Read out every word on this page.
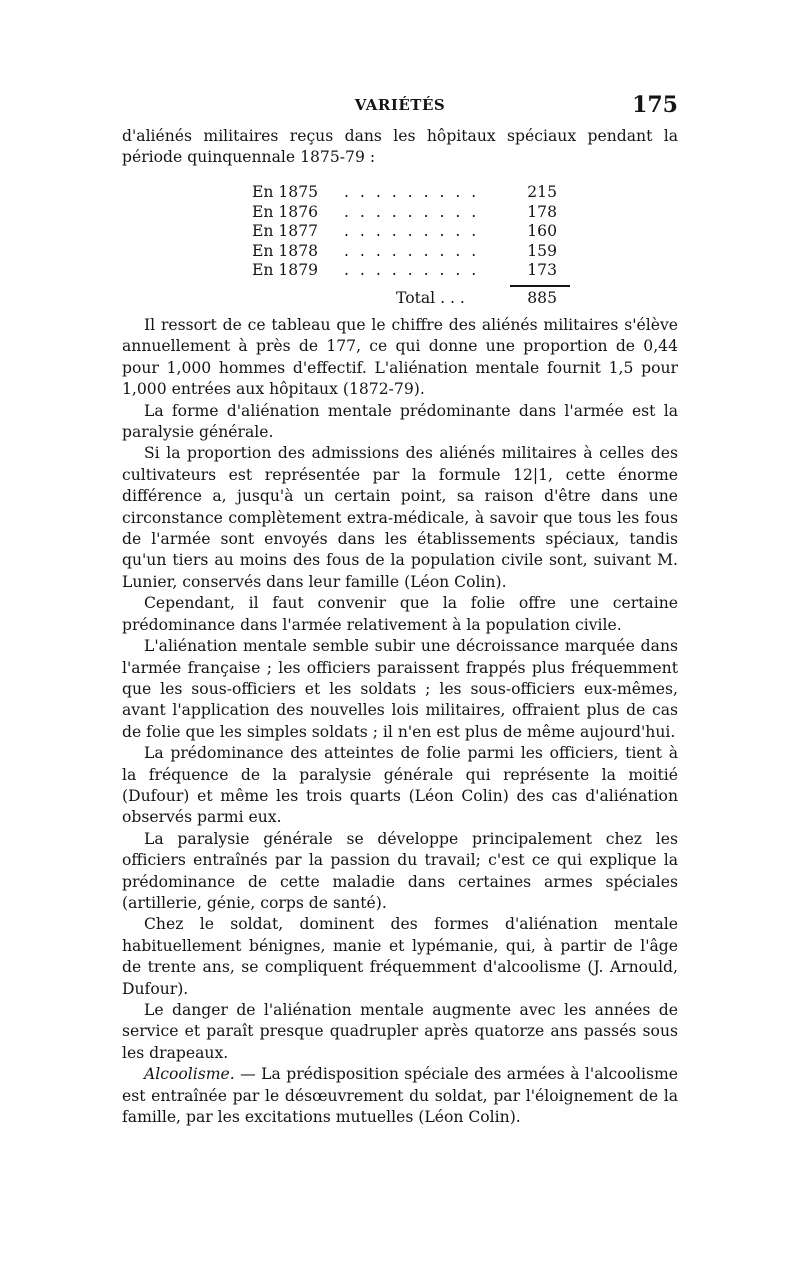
VARIÉTÉS	175

d'aliénés militaires reçus dans les hôpitaux spéciaux pendant la période quinquennale 1875-79 :

En 1875 . . . . . . . . .	215
En 1876 . . . . . . . . .	178
En 1877 . . . . . . . . .	160
En 1878 . . . . . . . . .	159
En 1879 . . . . . . . . .	173
Total . . .	885

Il ressort de ce tableau que le chiffre des aliénés militaires s'élève annuellement à près de 177, ce qui donne une proportion de 0,44 pour 1,000 hommes d'effectif. L'aliénation mentale fournit 1,5 pour 1,000 entrées aux hôpitaux (1872-79).

La forme d'aliénation mentale prédominante dans l'armée est la paralysie générale.

Si la proportion des admissions des aliénés militaires à celles des cultivateurs est représentée par la formule 12|1, cette énorme différence a, jusqu'à un certain point, sa raison d'être dans une circonstance complètement extra-médicale, à savoir que tous les fous de l'armée sont envoyés dans les établissements spéciaux, tandis qu'un tiers au moins des fous de la population civile sont, suivant M. Lunier, conservés dans leur famille (Léon Colin).

Cependant, il faut convenir que la folie offre une certaine prédominance dans l'armée relativement à la population civile.

L'aliénation mentale semble subir une décroissance marquée dans l'armée française ; les officiers paraissent frappés plus fréquemment que les sous-officiers et les soldats ; les sous-officiers eux-mêmes, avant l'application des nouvelles lois militaires, offraient plus de cas de folie que les simples soldats ; il n'en est plus de même aujourd'hui.

La prédominance des atteintes de folie parmi les officiers, tient à la fréquence de la paralysie générale qui représente la moitié (Dufour) et même les trois quarts (Léon Colin) des cas d'aliénation observés parmi eux.

La paralysie générale se développe principalement chez les officiers entraînés par la passion du travail; c'est ce qui explique la prédominance de cette maladie dans certaines armes spéciales (artillerie, génie, corps de santé).

Chez le soldat, dominent des formes d'aliénation mentale habituellement bénignes, manie et lypémanie, qui, à partir de l'âge de trente ans, se compliquent fréquemment d'alcoolisme (J. Arnould, Dufour).

Le danger de l'aliénation mentale augmente avec les années de service et paraît presque quadrupler après quatorze ans passés sous les drapeaux.

Alcoolisme. — La prédisposition spéciale des armées à l'alcoolisme est entraînée par le désœuvrement du soldat, par l'éloignement de la famille, par les excitations mutuelles (Léon Colin).
